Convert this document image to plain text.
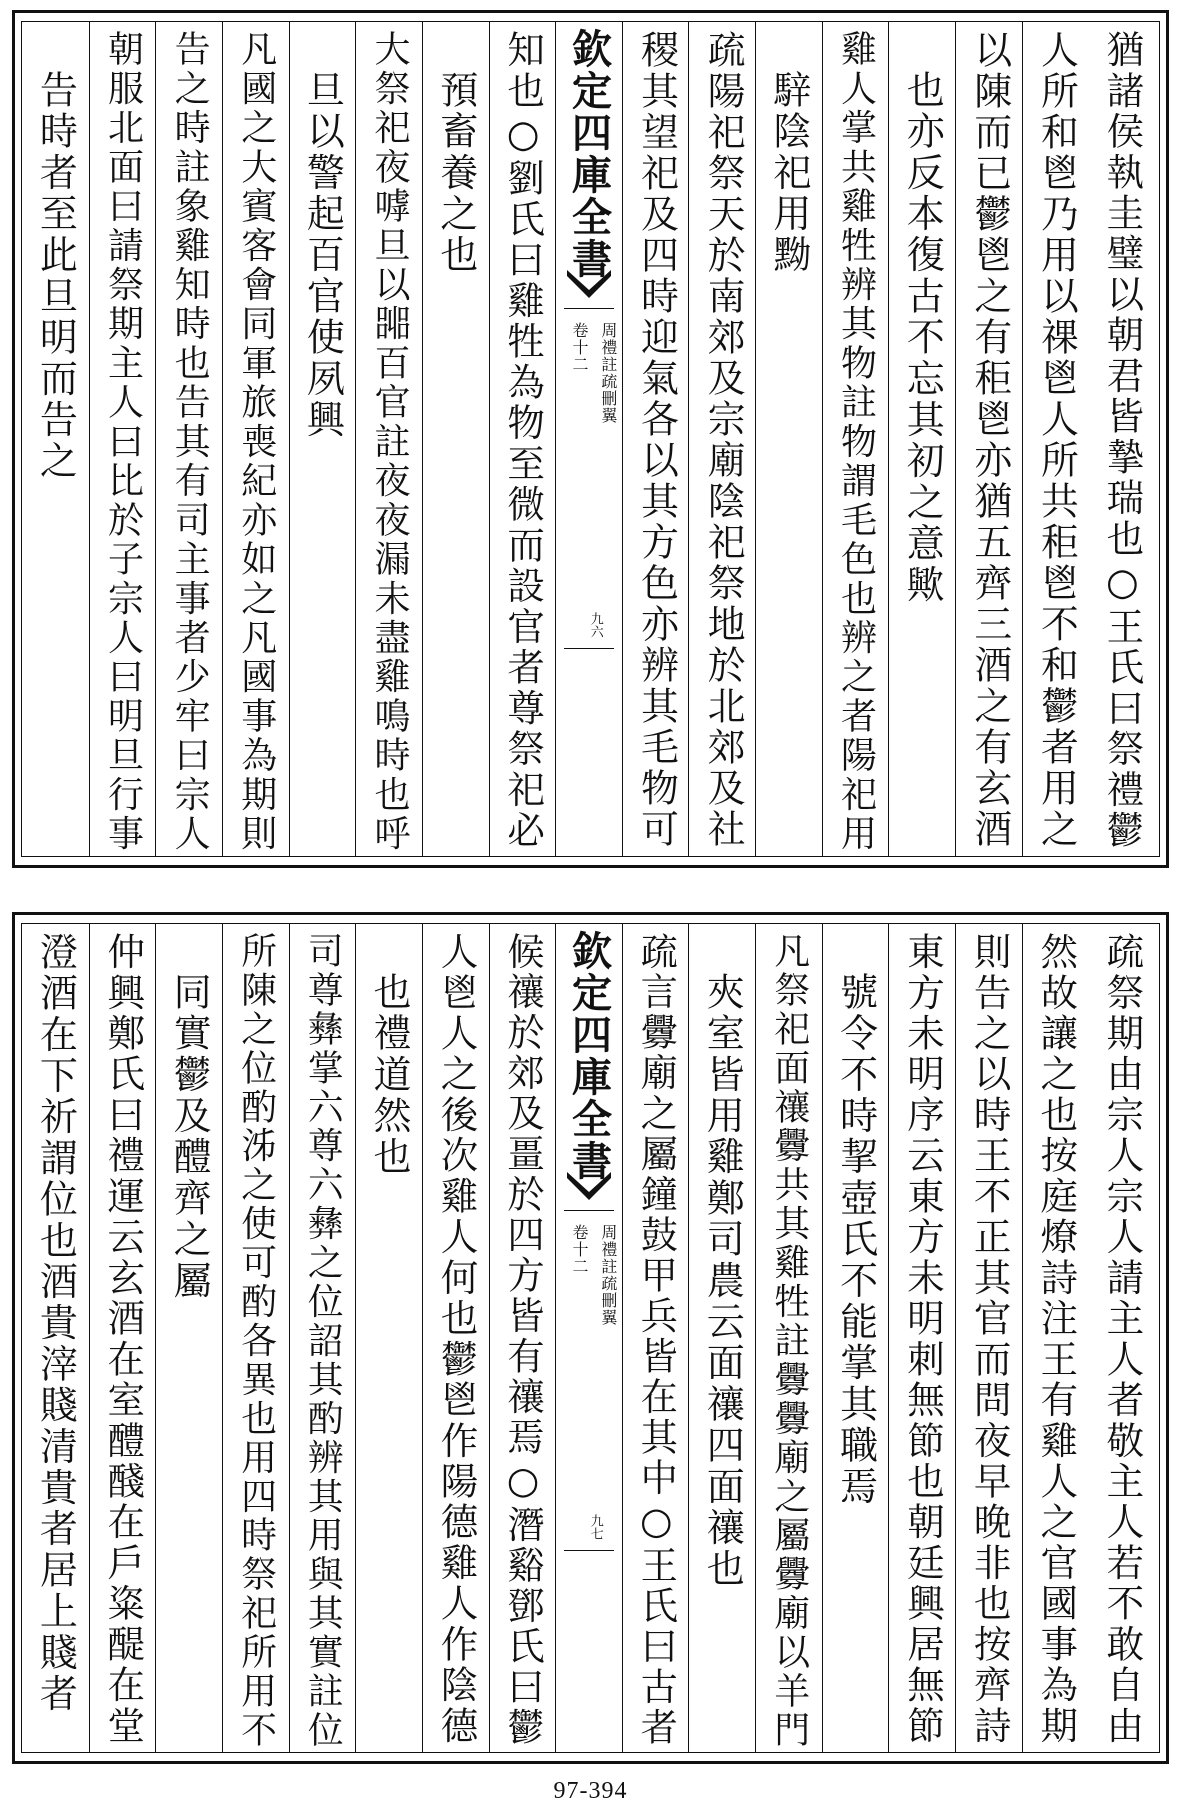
告時者至此旦明而告之 朝服北面曰請祭期主人曰比於子宗人曰明旦行事 告之時註象雞知時也告其有司主事者少牢曰宗人 凡國之大賓客會同軍旅喪紀亦如之凡國事為期則 旦以警起百官使夙興 大祭祀夜嘑旦以嘂百官註夜夜漏未盡雞鳴時也呼 預畜養之也 知也○劉氏曰雞牲為物至微而設官者尊祭祀必 欽定四庫全書
周禮註疏刪翼
卷十二
九六 稷其望祀及四時迎氣各以其方色亦辨其毛物可 疏陽祀祭天於南郊及宗廟陰祀祭地於北郊及社 騂陰祀用黝 雞人掌共雞牲辨其物註物謂毛色也辨之者陽祀用 也亦反本復古不忘其初之意歟 以陳而已鬱鬯之有秬鬯亦猶五齊三酒之有玄酒 人所和鬯乃用以祼鬯人所共秬鬯不和鬱者用之 猶諸侯執圭璧以朝君皆摯瑞也○王氏曰祭禮鬱
澄酒在下祈謂位也酒貴滓賤清貴者居上賤者 仲興鄭氏曰禮運云玄酒在室醴醆在戶粢醍在堂 同實鬱及醴齊之屬 所陳之位酌泲之使可酌各異也用四時祭祀所用不 司尊彝掌六尊六彝之位詔其酌辨其用與其實註位 也禮道然也 人鬯人之後次雞人何也鬱鬯作陽德雞人作陰德 候禳於郊及畺於四方皆有禳焉○潛谿鄧氏曰鬱 欽定四庫全書
周禮註疏刪翼
卷十二
九七 疏言釁廟之屬鐘鼓甲兵皆在其中○王氏曰古者 夾室皆用雞鄭司農云面禳四面禳也 凡祭祀面禳釁共其雞牲註釁釁廟之屬釁廟以羊門 號令不時挈壺氏不能掌其職焉 東方未明序云東方未明刺無節也朝廷興居無節 則告之以時王不正其官而問夜早晚非也按齊詩 然故讓之也按庭燎詩注王有雞人之官國事為期 疏祭期由宗人宗人請主人者敬主人若不敢自由
97-394
